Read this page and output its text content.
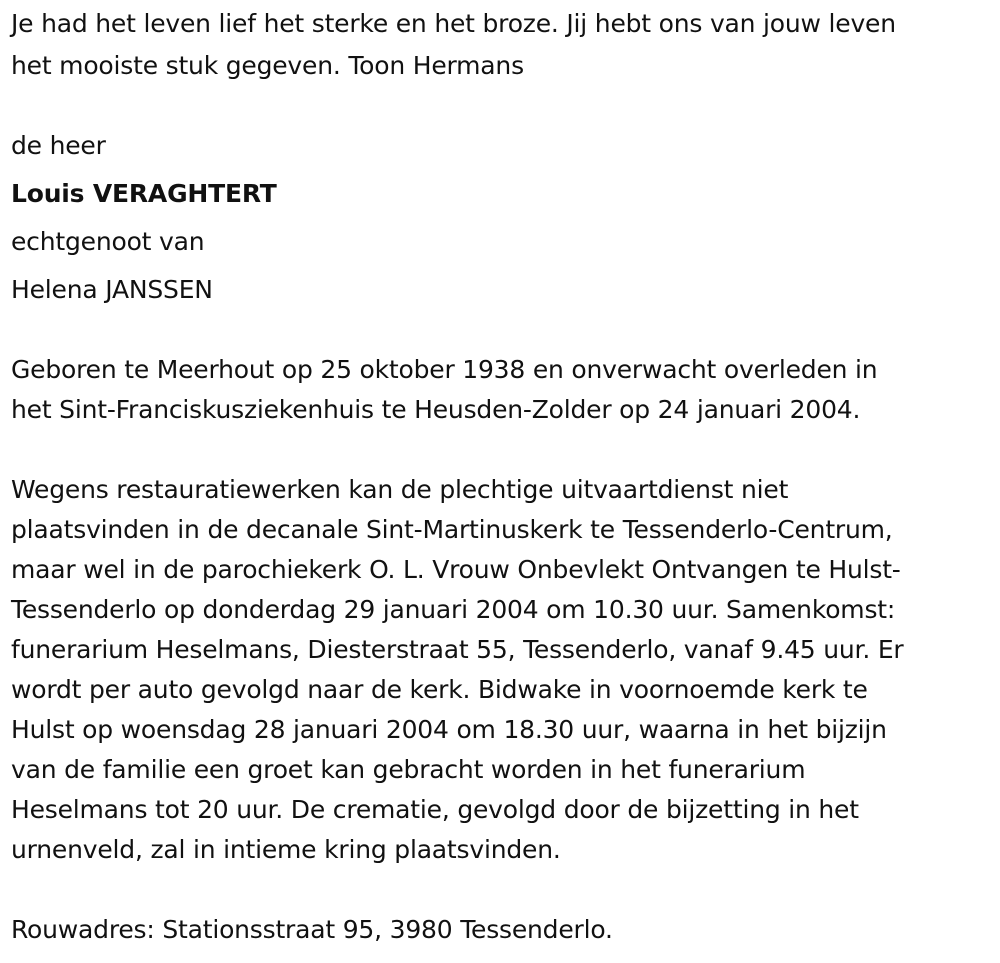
Je had het leven lief het sterke en het broze. Jij hebt ons van jouw leven
het mooiste stuk gegeven. Toon Hermans
de heer
Louis VERAGHTERT
echtgenoot van
Helena JANSSEN
Geboren te Meerhout op 25 oktober 1938 en onverwacht overleden in
het Sint-Franciskusziekenhuis te Heusden-Zolder op 24 januari 2004.
Wegens restauratiewerken kan de plechtige uitvaartdienst niet
plaatsvinden in de decanale Sint-Martinuskerk te Tessenderlo-Centrum,
maar wel in de parochiekerk O. L. Vrouw Onbevlekt Ontvangen te Hulst-
Tessenderlo op donderdag 29 januari 2004 om 10.30 uur. Samenkomst:
funerarium Heselmans, Diesterstraat 55, Tessenderlo, vanaf 9.45 uur. Er
wordt per auto gevolgd naar de kerk. Bidwake in voornoemde kerk te
Hulst op woensdag 28 januari 2004 om 18.30 uur, waarna in het bijzijn
van de familie een groet kan gebracht worden in het funerarium
Heselmans tot 20 uur. De crematie, gevolgd door de bijzetting in het
urnenveld, zal in intieme kring plaatsvinden.
Rouwadres: Stationsstraat 95, 3980 Tessenderlo.
